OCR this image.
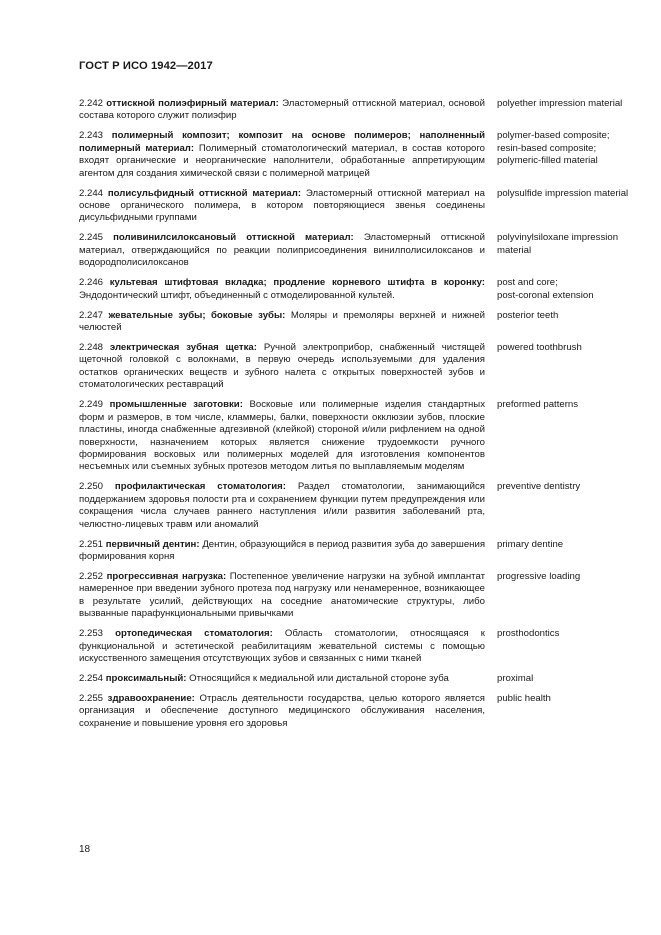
ГОСТ Р ИСО 1942—2017
2.242 оттискной полиэфирный материал: Эластомерный оттискной материал, основой состава которого служит полиэфир
polyether impression material
2.243 полимерный композит; композит на основе полимеров; наполненный полимерный материал: Полимерный стоматологический материал, в состав которого входят органические и неорганические наполнители, обработанные аппретирующим агентом для создания химической связи с полимерной матрицей
polymer-based composite;
resin-based composite;
polymeric-filled material
2.244 полисульфидный оттискной материал: Эластомерный оттискной материал на основе органического полимера, в котором повторяющиеся звенья соединены дисульфидными группами
polysulfide impression material
2.245 поливинилсилоксановый оттискной материал: Эластомерный оттискной материал, отверждающийся по реакции полиприсоединения винилполисилоксанов и водородполисилоксанов
polyvinylsiloxane impression material
2.246 культевая штифтовая вкладка; продление корневого штифта в коронку: Эндодонтический штифт, объединенный с отмоделированной культей.
post and core;
post-coronal extension
2.247 жевательные зубы; боковые зубы: Моляры и премоляры верхней и нижней челюстей
posterior teeth
2.248 электрическая зубная щетка: Ручной электроприбор, снабженный чистящей щеточной головкой с волокнами, в первую очередь используемыми для удаления остатков органических веществ и зубного налета с открытых поверхностей зубов и стоматологических реставраций
powered toothbrush
2.249 промышленные заготовки: Восковые или полимерные изделия стандартных форм и размеров, в том числе, кламмеры, балки, поверхности окклюзии зубов, плоские пластины, иногда снабженные адгезивной (клейкой) стороной и/или рифлением на одной поверхности, назначением которых является снижение трудоемкости ручного формирования восковых или полимерных моделей для изготовления компонентов несъемных или съемных зубных протезов методом литья по выплавляемым моделям
preformed patterns
2.250 профилактическая стоматология: Раздел стоматологии, занимающийся поддержанием здоровья полости рта и сохранением функции путем предупреждения или сокращения числа случаев раннего наступления и/или развития заболеваний рта, челюстно-лицевых травм или аномалий
preventive dentistry
2.251 первичный дентин: Дентин, образующийся в период развития зуба до завершения формирования корня
primary dentine
2.252 прогрессивная нагрузка: Постепенное увеличение нагрузки на зубной имплантат намеренное при введении зубного протеза под нагрузку или ненамеренное, возникающее в результате усилий, действующих на соседние анатомические структуры, либо вызванные парафункциональными привычками
progressive loading
2.253 ортопедическая стоматология: Область стоматологии, относящаяся к функциональной и эстетической реабилитациям жевательной системы с помощью искусственного замещения отсутствующих зубов и связанных с ними тканей
prosthodontics
2.254 проксимальный: Относящийся к медиальной или дистальной стороне зуба	proximal
2.255 здравоохранение: Отрасль деятельности государства, целью которого является организация и обеспечение доступного медицинского обслуживания населения, сохранение и повышение уровня его здоровья
public health
18
